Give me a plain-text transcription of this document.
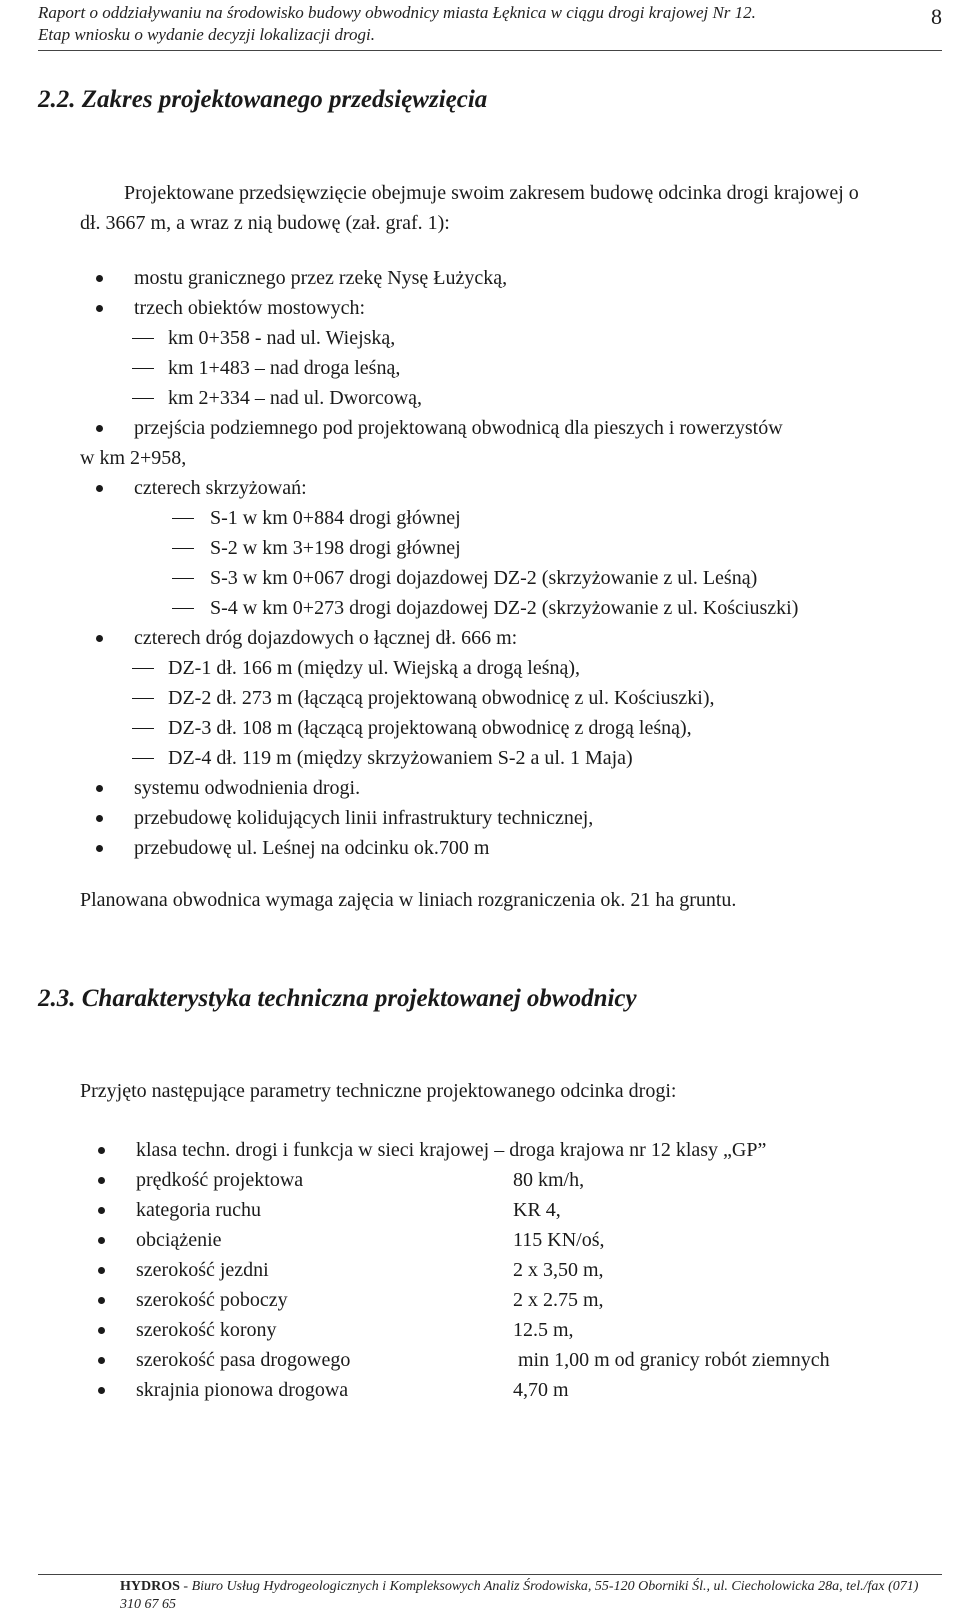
Raport o oddziaływaniu na środowisko budowy obwodnicy miasta Łęknica w ciągu drogi krajowej Nr 12.
Etap wniosku o wydanie decyzji lokalizacji drogi.
8
2.2. Zakres projektowanego przedsięwzięcia
Projektowane przedsięwzięcie obejmuje swoim zakresem budowę odcinka drogi krajowej o dł. 3667 m, a wraz z nią budowę (zał. graf. 1):
mostu granicznego przez rzekę Nysę Łużycką,
trzech obiektów mostowych:
km 0+358 - nad ul. Wiejską,
km 1+483 – nad droga leśną,
km 2+334 – nad ul. Dworcową,
przejścia podziemnego pod projektowaną obwodnicą dla pieszych i rowerzystów
w km 2+958,
czterech skrzyżowań:
S-1 w km 0+884 drogi głównej
S-2 w km 3+198 drogi głównej
S-3 w km 0+067 drogi dojazdowej DZ-2 (skrzyżowanie z ul. Leśną)
S-4 w km 0+273 drogi dojazdowej DZ-2 (skrzyżowanie z ul. Kościuszki)
czterech dróg dojazdowych o łącznej dł. 666 m:
DZ-1 dł. 166 m (między ul. Wiejską a drogą leśną),
DZ-2 dł. 273 m (łączącą projektowaną obwodnicę z ul. Kościuszki),
DZ-3 dł. 108 m (łączącą projektowaną obwodnicę z drogą leśną),
DZ-4 dł. 119 m (między skrzyżowaniem S-2 a ul. 1 Maja)
systemu odwodnienia drogi.
przebudowę kolidujących linii infrastruktury technicznej,
przebudowę ul. Leśnej na odcinku ok.700 m
Planowana obwodnica wymaga zajęcia w liniach rozgraniczenia ok. 21 ha gruntu.
2.3. Charakterystyka techniczna projektowanej obwodnicy
Przyjęto następujące parametry techniczne projektowanego odcinka drogi:
klasa techn. drogi i funkcja w sieci krajowej – droga krajowa nr 12 klasy „GP”
prędkość projektowa	80 km/h,
kategoria ruchu	KR 4,
obciążenie	115 KN/oś,
szerokość jezdni	2 x 3,50 m,
szerokość poboczy	2 x 2.75 m,
szerokość korony	12.5 m,
szerokość pasa drogowego	min 1,00 m od granicy robót ziemnych
skrajnia pionowa drogowa	4,70 m
HYDROS - Biuro Usług Hydrogeologicznych i Kompleksowych Analiz Środowiska, 55-120 Oborniki Śl., ul. Ciecholowicka 28a, tel./fax (071) 310 67 65
